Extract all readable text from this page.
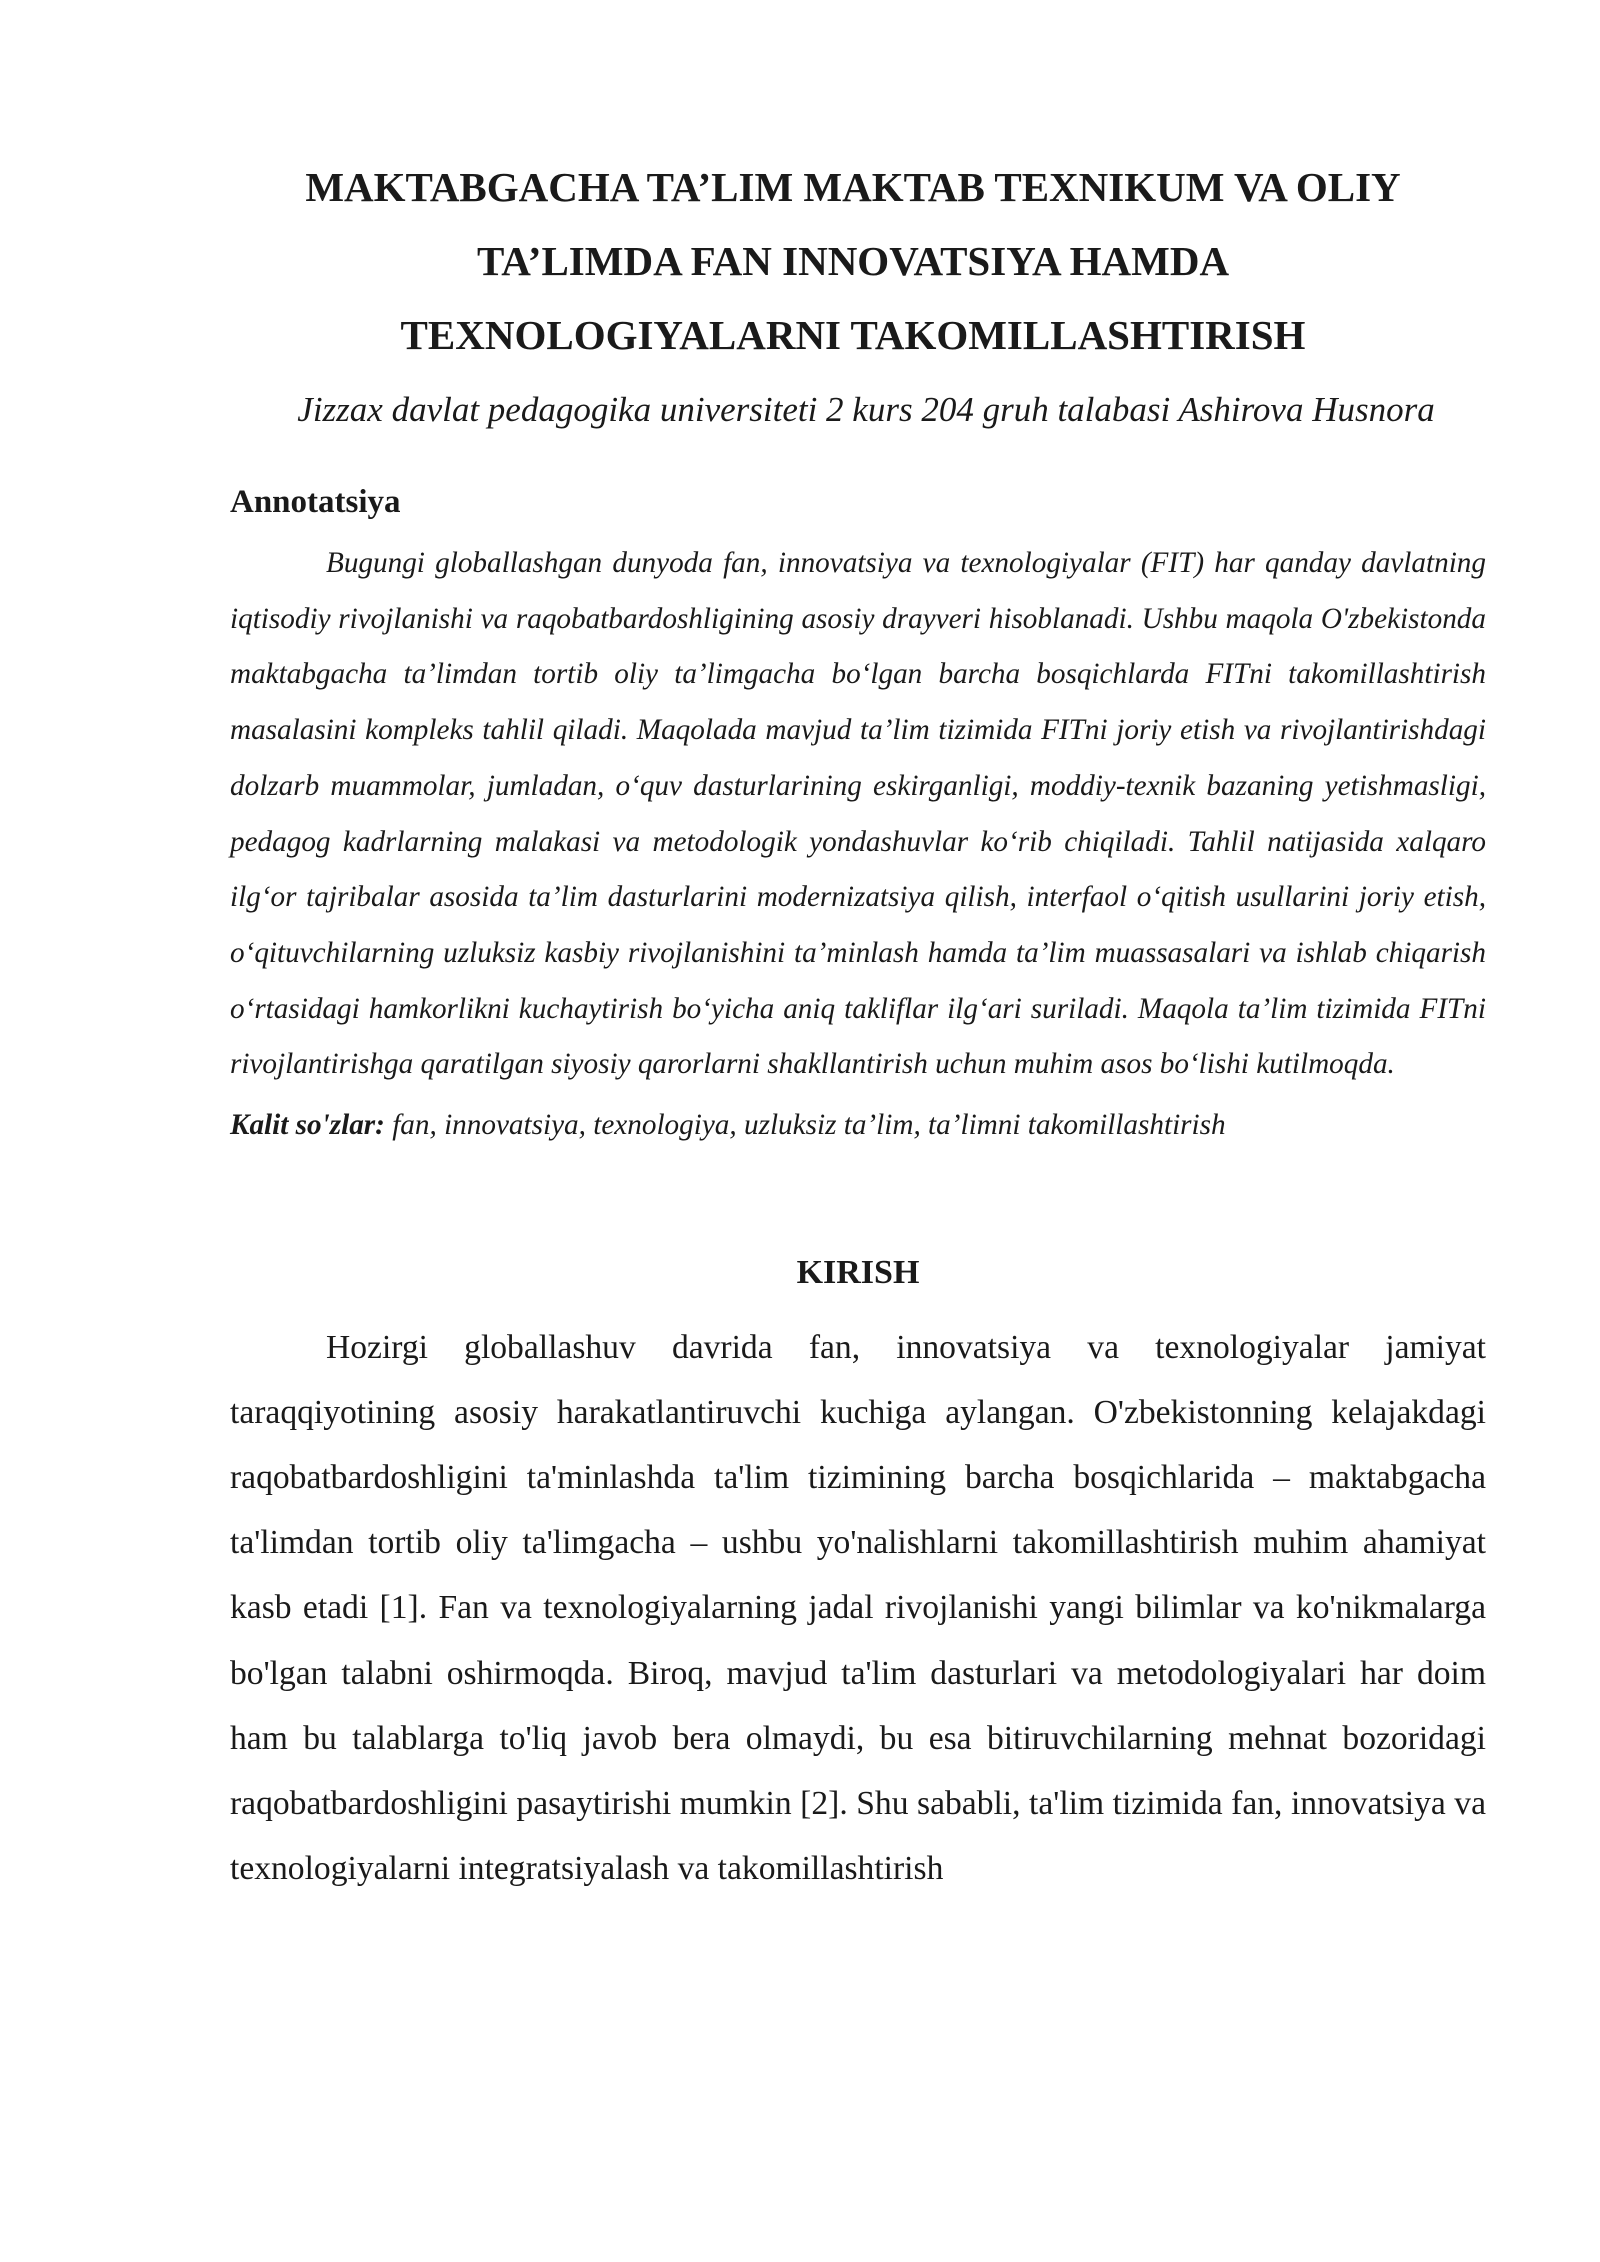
MAKTABGACHA TA’LIM MAKTAB TEXNIKUM VA OLIY TA’LIMDA FAN INNOVATSIYA HAMDA TEXNOLOGIYALARNI TAKOMILLASHTIRISH

Jizzax davlat pedagogika universiteti 2 kurs 204 gruh talabasi Ashirova Husnora

Annotatsiya

Bugungi globallashgan dunyoda fan, innovatsiya va texnologiyalar (FIT) har qanday davlatning iqtisodiy rivojlanishi va raqobatbardoshligining asosiy drayveri hisoblanadi. Ushbu maqola O'zbekistonda maktabgacha ta’limdan tortib oliy ta’limgacha bo‘lgan barcha bosqichlarda FITni takomillashtirish masalasini kompleks tahlil qiladi. Maqolada mavjud ta’lim tizimida FITni joriy etish va rivojlantirishdagi dolzarb muammolar, jumladan, o‘quv dasturlarining eskirganligi, moddiy-texnik bazaning yetishmasligi, pedagog kadrlarning malakasi va metodologik yondashuvlar ko‘rib chiqiladi. Tahlil natijasida xalqaro ilg‘or tajribalar asosida ta’lim dasturlarini modernizatsiya qilish, interfaol o‘qitish usullarini joriy etish, o‘qituvchilarning uzluksiz kasbiy rivojlanishini ta’minlash hamda ta’lim muassasalari va ishlab chiqarish o‘rtasidagi hamkorlikni kuchaytirish bo‘yicha aniq takliflar ilg‘ari suriladi. Maqola ta’lim tizimida FITni rivojlantirishga qaratilgan siyosiy qarorlarni shakllantirish uchun muhim asos bo‘lishi kutilmoqda.

Kalit so'zlar: fan, innovatsiya, texnologiya, uzluksiz ta’lim, ta’limni takomillashtirish

KIRISH

Hozirgi globallashuv davrida fan, innovatsiya va texnologiyalar jamiyat taraqqiyotining asosiy harakatlantiruvchi kuchiga aylangan. O'zbekistonning kelajakdagi raqobatbardoshligini ta'minlashda ta'lim tizimining barcha bosqichlarida – maktabgacha ta'limdan tortib oliy ta'limgacha – ushbu yo'nalishlarni takomillashtirish muhim ahamiyat kasb etadi [1]. Fan va texnologiyalarning jadal rivojlanishi yangi bilimlar va ko'nikmalarga bo'lgan talabni oshirmoqda. Biroq, mavjud ta'lim dasturlari va metodologiyalari har doim ham bu talablarga to'liq javob bera olmaydi, bu esa bitiruvchilarning mehnat bozoridagi raqobatbardoshligini pasaytirishi mumkin [2]. Shu sababli, ta'lim tizimida fan, innovatsiya va texnologiyalarni integratsiyalash va takomillashtirish
